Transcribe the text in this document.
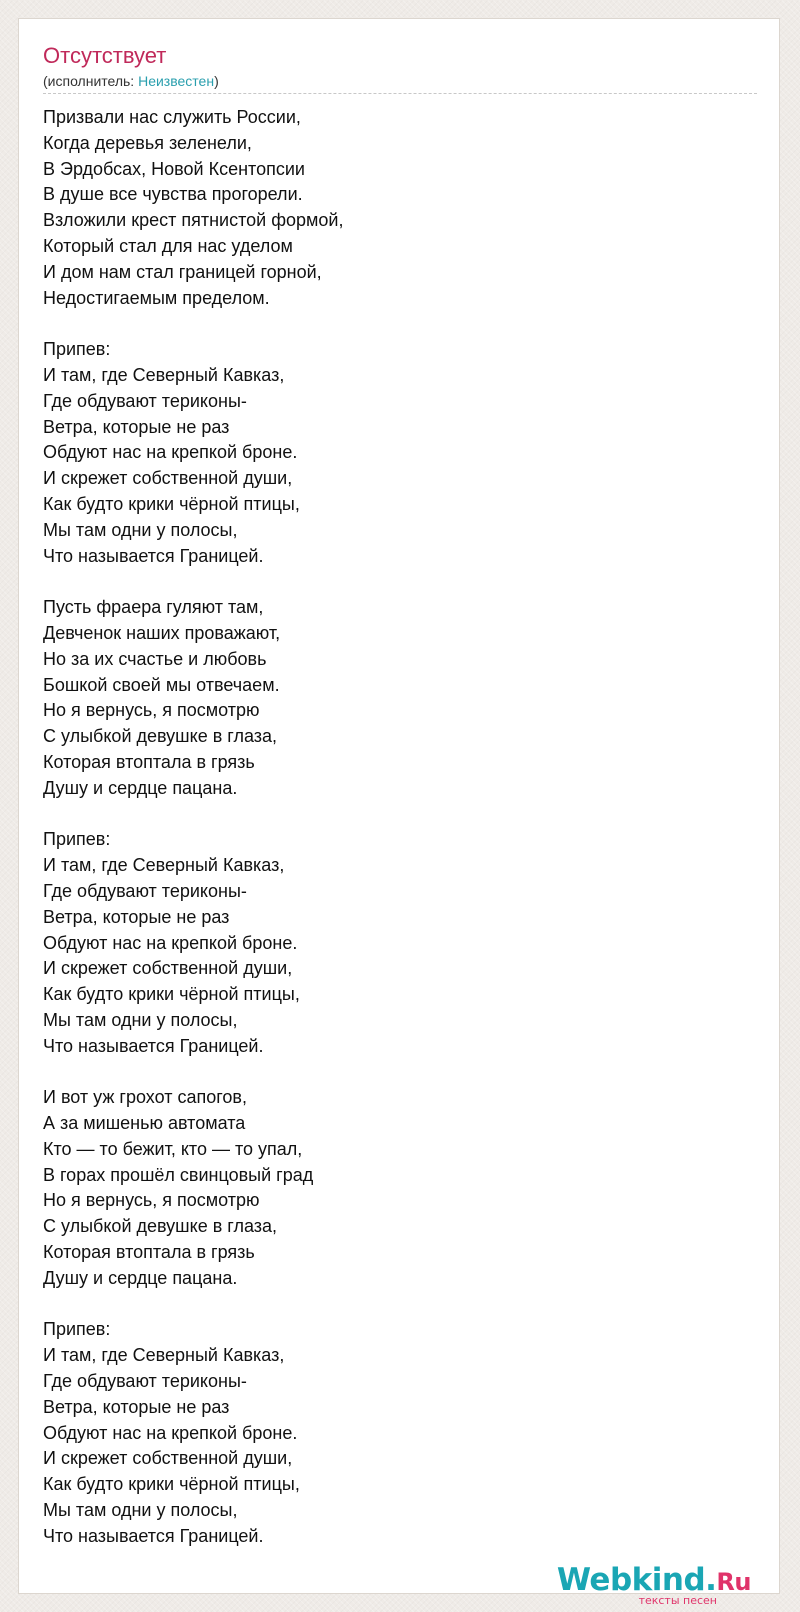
Отсутствует
(исполнитель: Неизвестен)
Призвали нас служить России,
Когда деревья зеленели,
В Эрдобсах, Новой Ксентопсии
В душе все чувства прогорели.
Взложили крест пятнистой формой,
Который стал для нас уделом
И дом нам стал границей горной,
Недостигаемым пределом.
Припев:
И там, где Северный Кавказ,
Где обдувают териконы-
Ветра, которые не раз
Обдуют нас на крепкой броне.
И скрежет собственной души,
Как будто крики чёрной птицы,
Мы там одни у полосы,
Что называется Границей.
Пусть фраера гуляют там,
Девченок наших проважают,
Но за их счастье и любовь
Бошкой своей мы отвечаем.
Но я вернусь, я посмотрю
С улыбкой девушке в глаза,
Которая втоптала в грязь
Душу и сердце пацана.
Припев:
И там, где Северный Кавказ,
Где обдувают териконы-
Ветра, которые не раз
Обдуют нас на крепкой броне.
И скрежет собственной души,
Как будто крики чёрной птицы,
Мы там одни у полосы,
Что называется Границей.
И вот уж грохот сапогов,
А за мишенью автомата
Кто — то бежит, кто — то упал,
В горах прошёл свинцовый град
Но я вернусь, я посмотрю
С улыбкой девушке в глаза,
Которая втоптала в грязь
Душу и сердце пацана.
Припев:
И там, где Северный Кавказ,
Где обдувают териконы-
Ветра, которые не раз
Обдуют нас на крепкой броне.
И скрежет собственной души,
Как будто крики чёрной птицы,
Мы там одни у полосы,
Что называется Границей.
Webkind.Ru
тексты песен
